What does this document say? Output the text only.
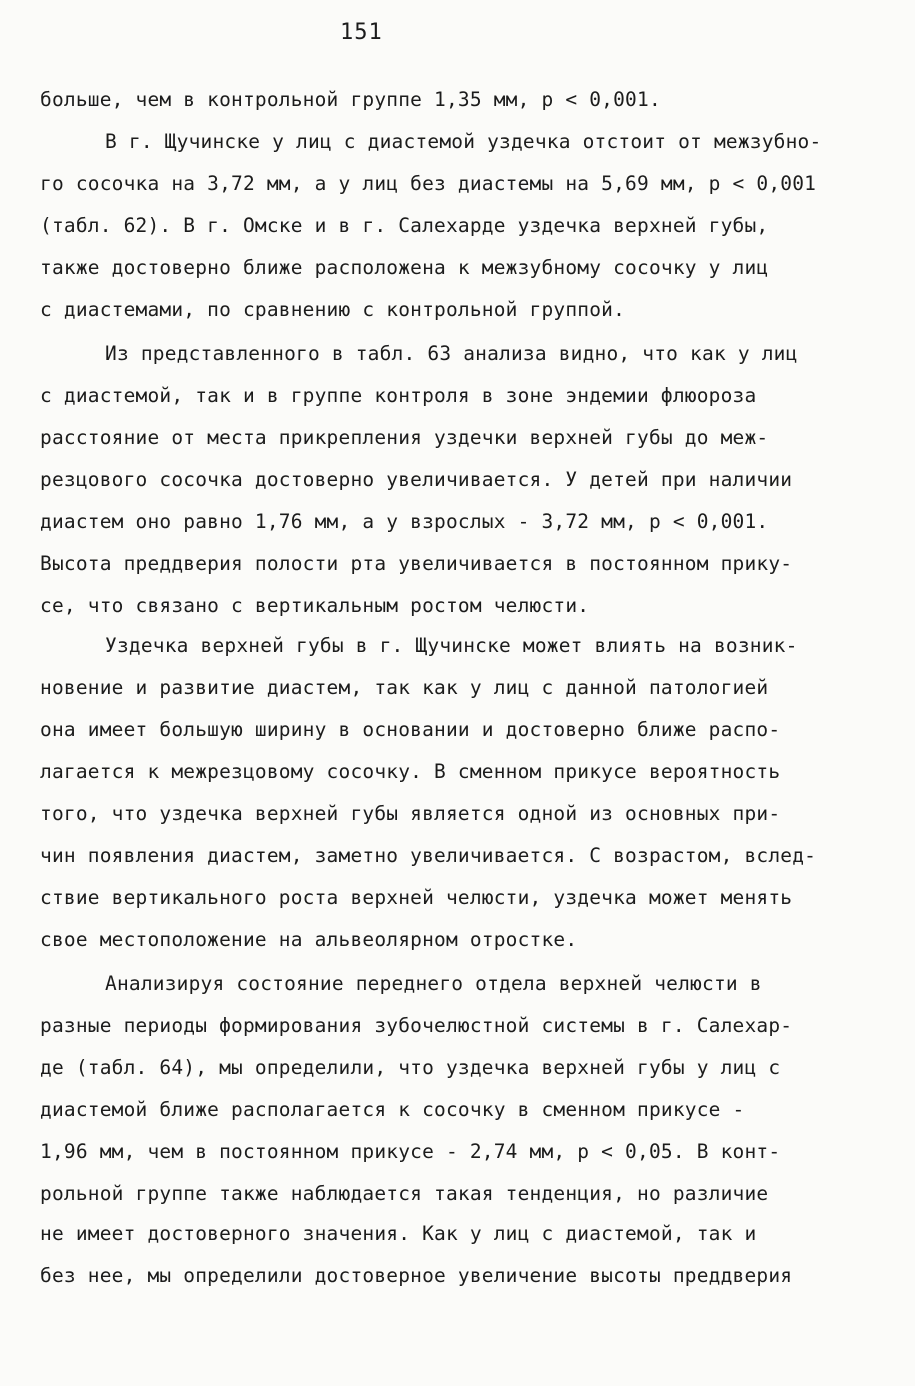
151
больше, чем в контрольной группе 1,35 мм, р < 0,001.
В г. Щучинске у лиц с диастемой уздечка отстоит от межзубно-
го сосочка на 3,72 мм, а у лиц без диастемы на 5,69 мм, р < 0,001
(табл. 62). В г. Омске и в г. Салехарде уздечка верхней губы,
также достоверно ближе расположена к межзубному сосочку у лиц
с диастемами, по сравнению с контрольной группой.
Из представленного в табл. 63 анализа видно, что как у лиц
с диастемой, так и в группе контроля в зоне эндемии флюороза
расстояние от места прикрепления уздечки верхней губы до меж-
резцового сосочка достоверно увеличивается. У детей при наличии
диастем оно равно 1,76 мм, а у взрослых - 3,72 мм, р < 0,001.
Высота преддверия полости рта увеличивается в постоянном прику-
се, что связано с вертикальным ростом челюсти.
Уздечка верхней губы в г. Щучинске может влиять на возник-
новение и развитие диастем, так как у лиц с данной патологией
она имеет большую ширину в основании и достоверно ближе распо-
лагается к межрезцовому сосочку. В сменном прикусе вероятность
того, что уздечка верхней губы является одной из основных при-
чин появления диастем, заметно увеличивается. С возрастом, вслед-
ствие вертикального роста верхней челюсти, уздечка может менять
свое местоположение на альвеолярном отростке.
Анализируя состояние переднего отдела верхней челюсти в
разные периоды формирования зубочелюстной системы в г. Салехар-
де (табл. 64), мы определили, что уздечка верхней губы у лиц с
диастемой ближе располагается к сосочку в сменном прикусе -
1,96 мм, чем в постоянном прикусе - 2,74 мм, р < 0,05. В конт-
рольной группе также наблюдается такая тенденция, но различие
не имеет достоверного значения. Как у лиц с диастемой, так и
без нее, мы определили достоверное увеличение высоты преддверия
